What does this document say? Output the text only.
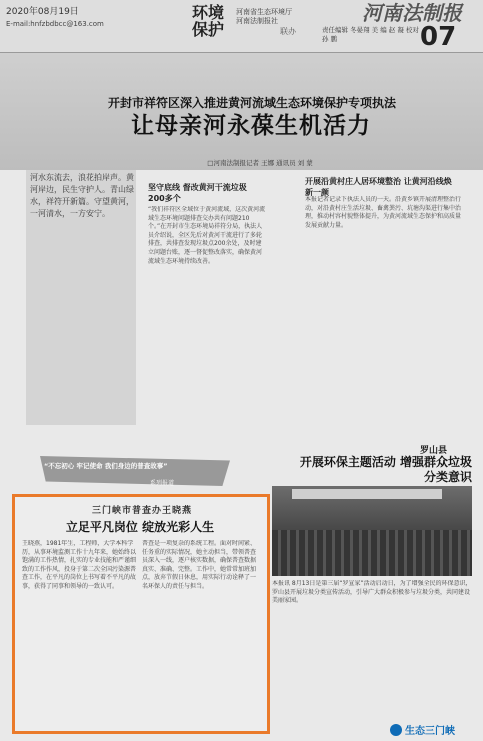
2020年08月19日
E-mail:hnfzbdbcc@163.com
环境保护
河南省生态环境厅 河南法制报社
联办	责任编辑 冬晏翔 美 编 赵 凝 校对 孙 鹏
河南法制报
07
开封市祥符区深入推进黄河流域生态环境保护专项执法
让母亲河永葆生机活力
□河南法制报记者 王娜 通讯员 刘 蒙
河水东流去，浪花拍岸声。黄河岸边，民生守护人。青山绿水，祥符开新篇。守望黄河，一河清水，一方安宁。
坚守底线 督改黄河干流垃圾200多个
“我们祥符区全域位于黄河流域，这次黄河流域生态环境问题排查交办共有问题210个。”在开封市生态环境局祥符分局，执法人员介绍说，全区先后对黄河干流进行了多轮排查，共排查发现垃圾点200余处，及时建立问题台账，逐一督促整改落实，确保黄河流域生态环境持续改善。
开展沿黄村庄人居环境整治 让黄河沿线焕新一颜
本报记者记录下执法人员的一天。沿黄乡镇开展清理整治行动，对沿黄村庄生活垃圾、畜禽粪污、坑塘沟渠进行集中治理，推动村容村貌整体提升，为黄河流域生态保护和高质量发展贡献力量。
“不忘初心 牢记使命 我们身边的普查故事”
系列报道
罗山县
开展环保主题活动 增强群众垃圾分类意识
本报讯 8月13日是第三届“罗宣家”活动启动日，为了增强全民的环保意识，罗山县开展垃圾分类宣传活动，引导广大群众积极参与垃圾分类，共同建设美丽家园。
三门峡市普查办王晓燕
立足平凡岗位 绽放光彩人生
王晓燕，1981年生，工程师，大学本科学历，从事环境监测工作十九年来，她始终以饱满的工作热情，扎实的专业技能和严谨细致的工作作风，投身于第二次全国污染源普查工作，在平凡的岗位上书写着不平凡的故事，获得了同事和领导的一致认可。
普查是一项复杂的系统工程。面对时间紧、任务重的实际情况，她主动担当，带领普查员深入一线，逐户核实数据，确保普查数据真实、准确、完整。工作中，她常常加班加点，放弃节假日休息，用实际行动诠释了一名环保人的责任与担当。
生态三门峡
